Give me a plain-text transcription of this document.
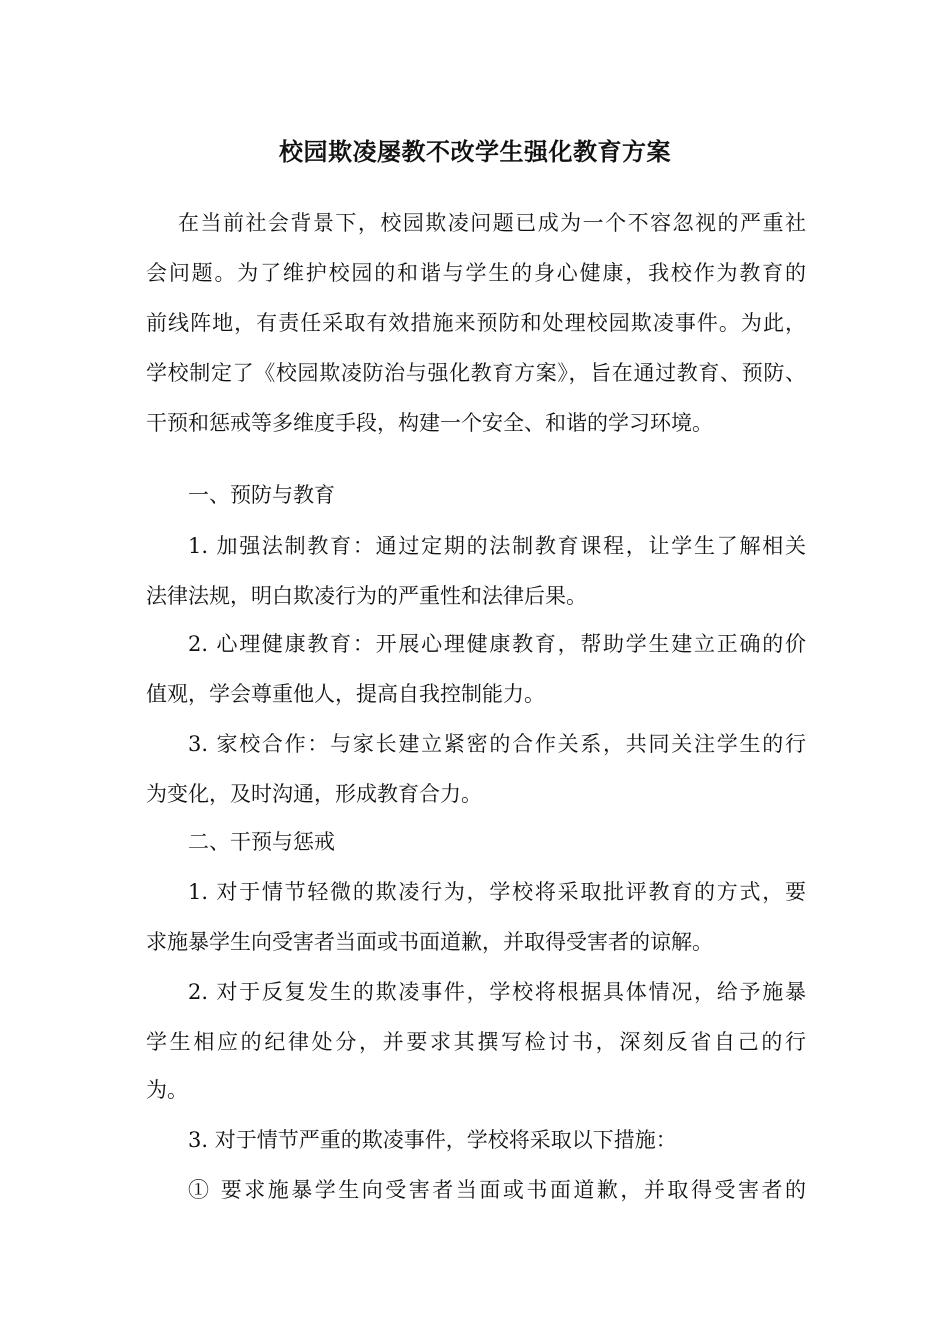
校园欺凌屡教不改学生强化教育方案
在当前社会背景下，校园欺凌问题已成为一个不容忽视的严重社
会问题。为了维护校园的和谐与学生的身心健康，我校作为教育的
前线阵地，有责任采取有效措施来预防和处理校园欺凌事件。为此，
学校制定了《校园欺凌防治与强化教育方案》，旨在通过教育、预防、
干预和惩戒等多维度手段，构建一个安全、和谐的学习环境。
一、预防与教育
1. 加强法制教育：通过定期的法制教育课程，让学生了解相关
法律法规，明白欺凌行为的严重性和法律后果。
2. 心理健康教育：开展心理健康教育，帮助学生建立正确的价
值观，学会尊重他人，提高自我控制能力。
3. 家校合作：与家长建立紧密的合作关系，共同关注学生的行
为变化，及时沟通，形成教育合力。
二、干预与惩戒
1. 对于情节轻微的欺凌行为，学校将采取批评教育的方式，要
求施暴学生向受害者当面或书面道歉，并取得受害者的谅解。
2. 对于反复发生的欺凌事件，学校将根据具体情况，给予施暴
学生相应的纪律处分，并要求其撰写检讨书，深刻反省自己的行
为。
3. 对于情节严重的欺凌事件，学校将采取以下措施：
① 要求施暴学生向受害者当面或书面道歉，并取得受害者的
